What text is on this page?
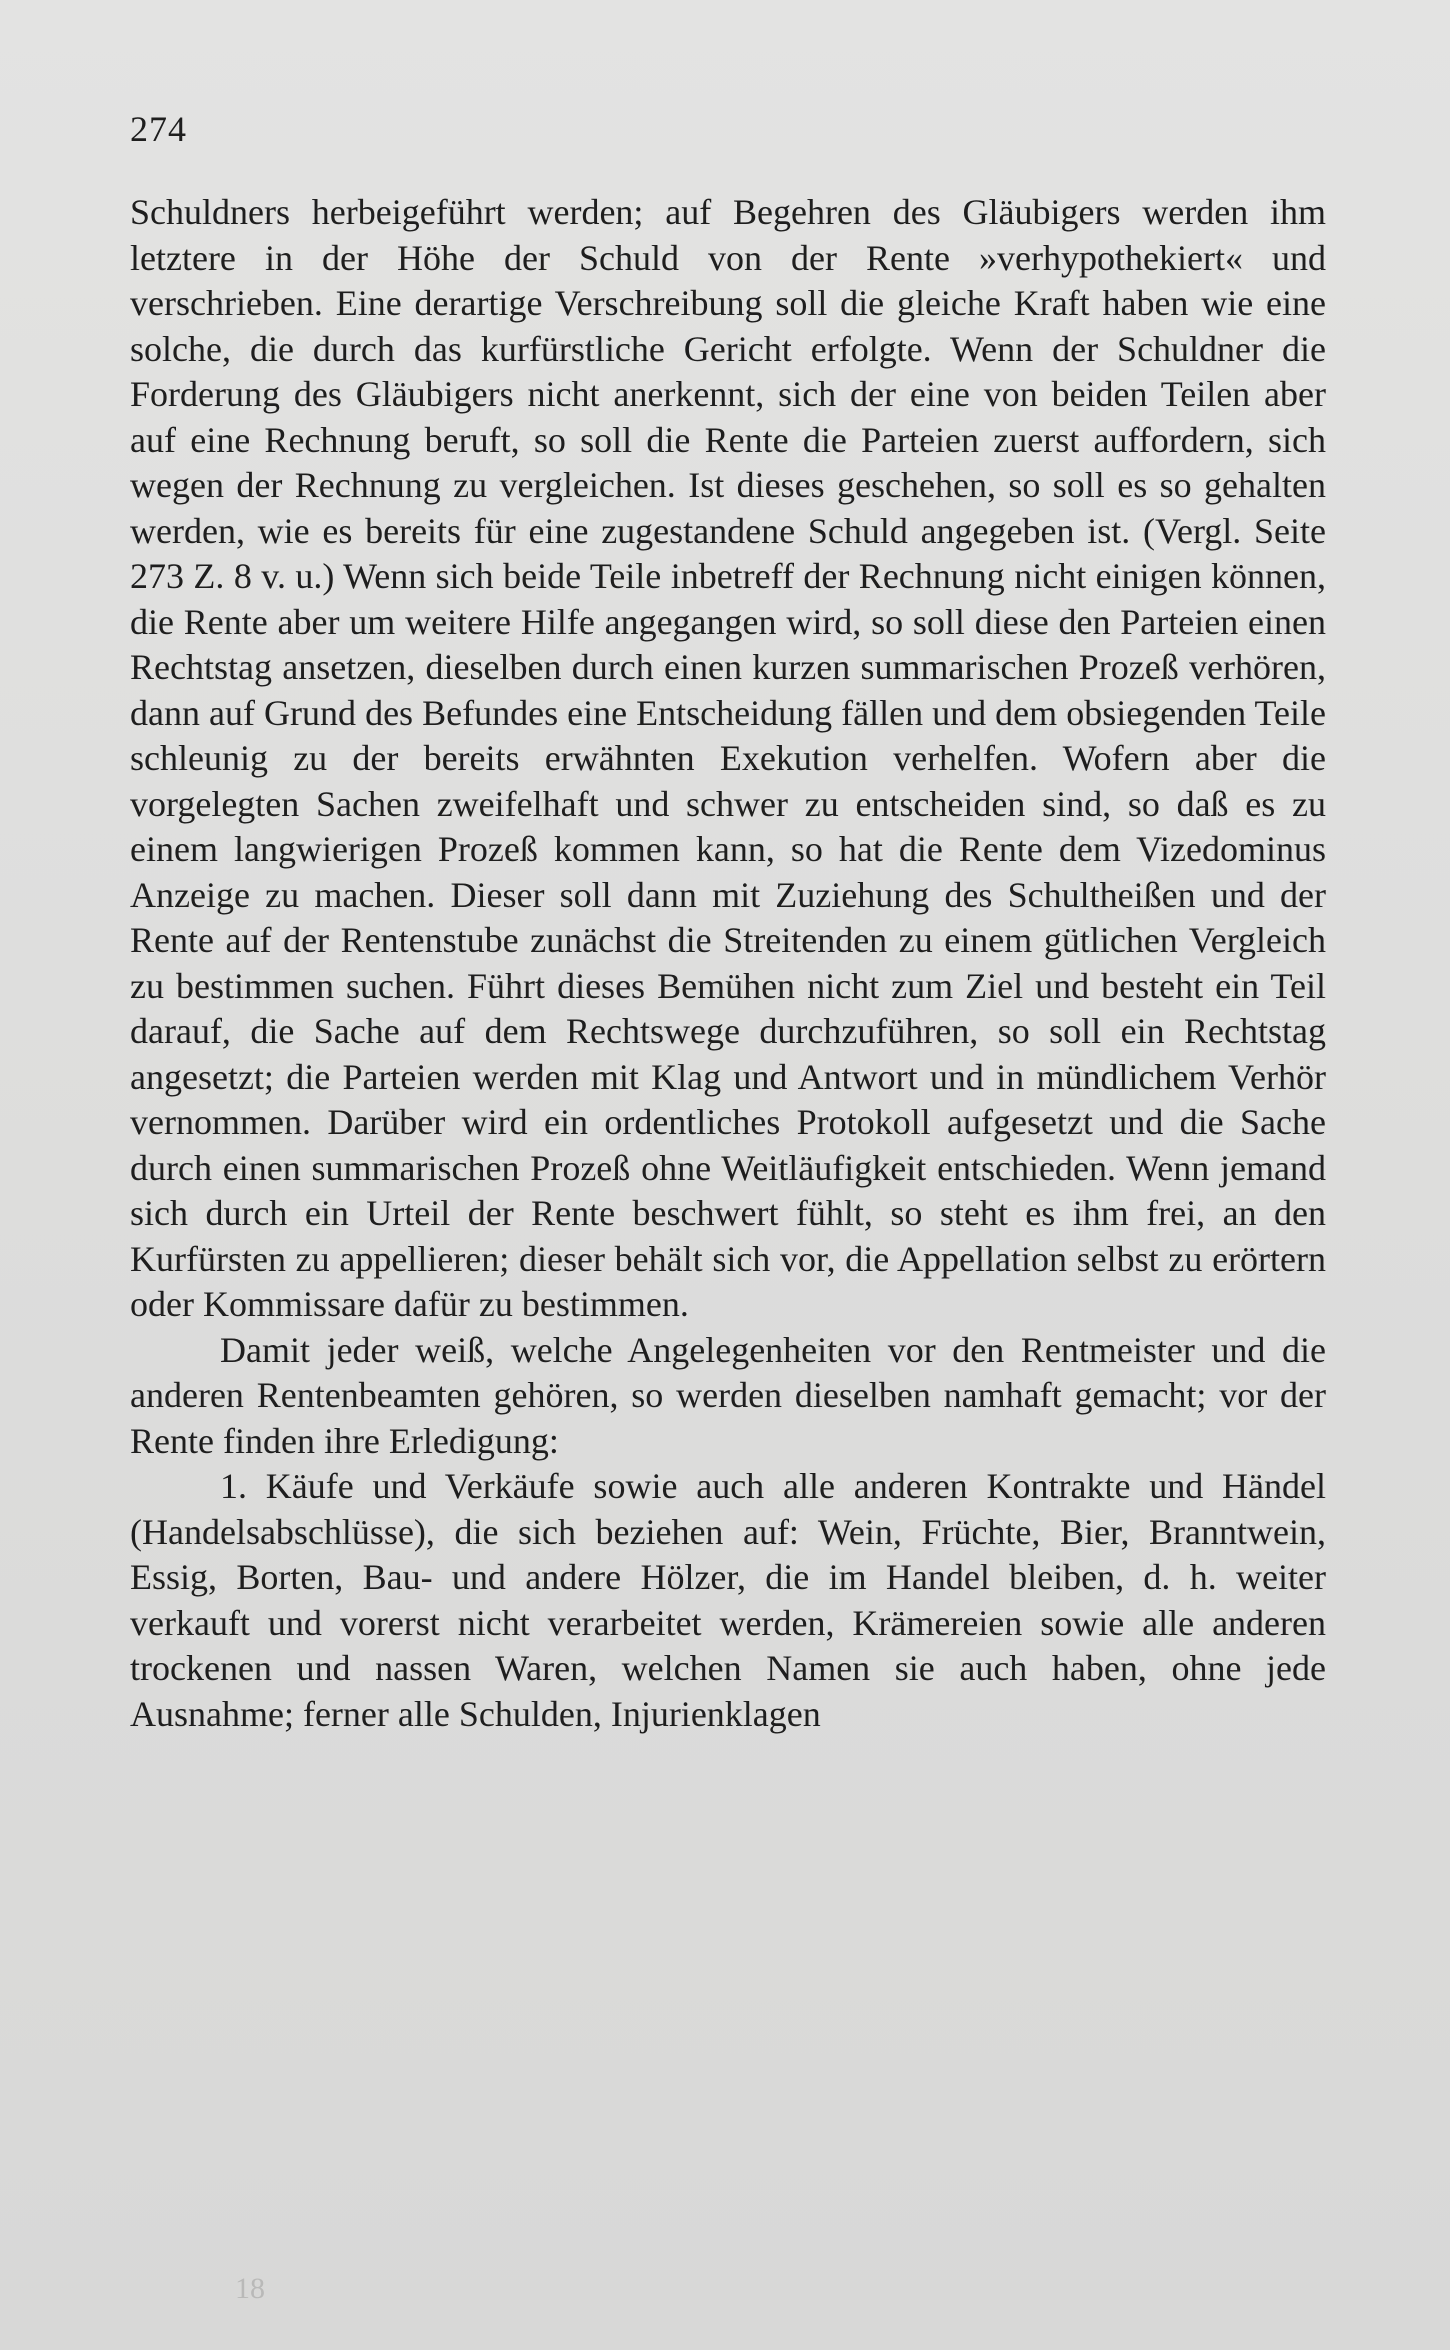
274

Schuldners herbeigeführt werden; auf Begehren des Gläubigers werden ihm letztere in der Höhe der Schuld von der Rente »verhypothekiert« und verschrieben. Eine derartige Verschreibung soll die gleiche Kraft haben wie eine solche, die durch das kurfürstliche Gericht erfolgte. Wenn der Schuldner die Forderung des Gläubigers nicht anerkennt, sich der eine von beiden Teilen aber auf eine Rechnung beruft, so soll die Rente die Parteien zuerst auffordern, sich wegen der Rechnung zu vergleichen. Ist dieses geschehen, so soll es so gehalten werden, wie es bereits für eine zugestandene Schuld angegeben ist. (Vergl. Seite 273 Z. 8 v. u.) Wenn sich beide Teile inbetreff der Rechnung nicht einigen können, die Rente aber um weitere Hilfe angegangen wird, so soll diese den Parteien einen Rechtstag ansetzen, dieselben durch einen kurzen summarischen Prozeß verhören, dann auf Grund des Befundes eine Entscheidung fällen und dem obsiegenden Teile schleunig zu der bereits erwähnten Exekution verhelfen. Wofern aber die vorgelegten Sachen zweifelhaft und schwer zu entscheiden sind, so daß es zu einem langwierigen Prozeß kommen kann, so hat die Rente dem Vizedominus Anzeige zu machen. Dieser soll dann mit Zuziehung des Schultheißen und der Rente auf der Rentenstube zunächst die Streitenden zu einem gütlichen Vergleich zu bestimmen suchen. Führt dieses Bemühen nicht zum Ziel und besteht ein Teil darauf, die Sache auf dem Rechtswege durchzuführen, so soll ein Rechtstag angesetzt; die Parteien werden mit Klag und Antwort und in mündlichem Verhör vernommen. Darüber wird ein ordentliches Protokoll aufgesetzt und die Sache durch einen summarischen Prozeß ohne Weitläufigkeit entschieden. Wenn jemand sich durch ein Urteil der Rente beschwert fühlt, so steht es ihm frei, an den Kurfürsten zu appellieren; dieser behält sich vor, die Appellation selbst zu erörtern oder Kommissare dafür zu bestimmen.

Damit jeder weiß, welche Angelegenheiten vor den Rentmeister und die anderen Rentenbeamten gehören, so werden dieselben namhaft gemacht; vor der Rente finden ihre Erledigung:

1. Käufe und Verkäufe sowie auch alle anderen Kontrakte und Händel (Handelsabschlüsse), die sich beziehen auf: Wein, Früchte, Bier, Branntwein, Essig, Borten, Bau- und andere Hölzer, die im Handel bleiben, d. h. weiter verkauft und vorerst nicht verarbeitet werden, Krämereien sowie alle anderen trockenen und nassen Waren, welchen Namen sie auch haben, ohne jede Ausnahme; ferner alle Schulden, Injurienklagen

18
